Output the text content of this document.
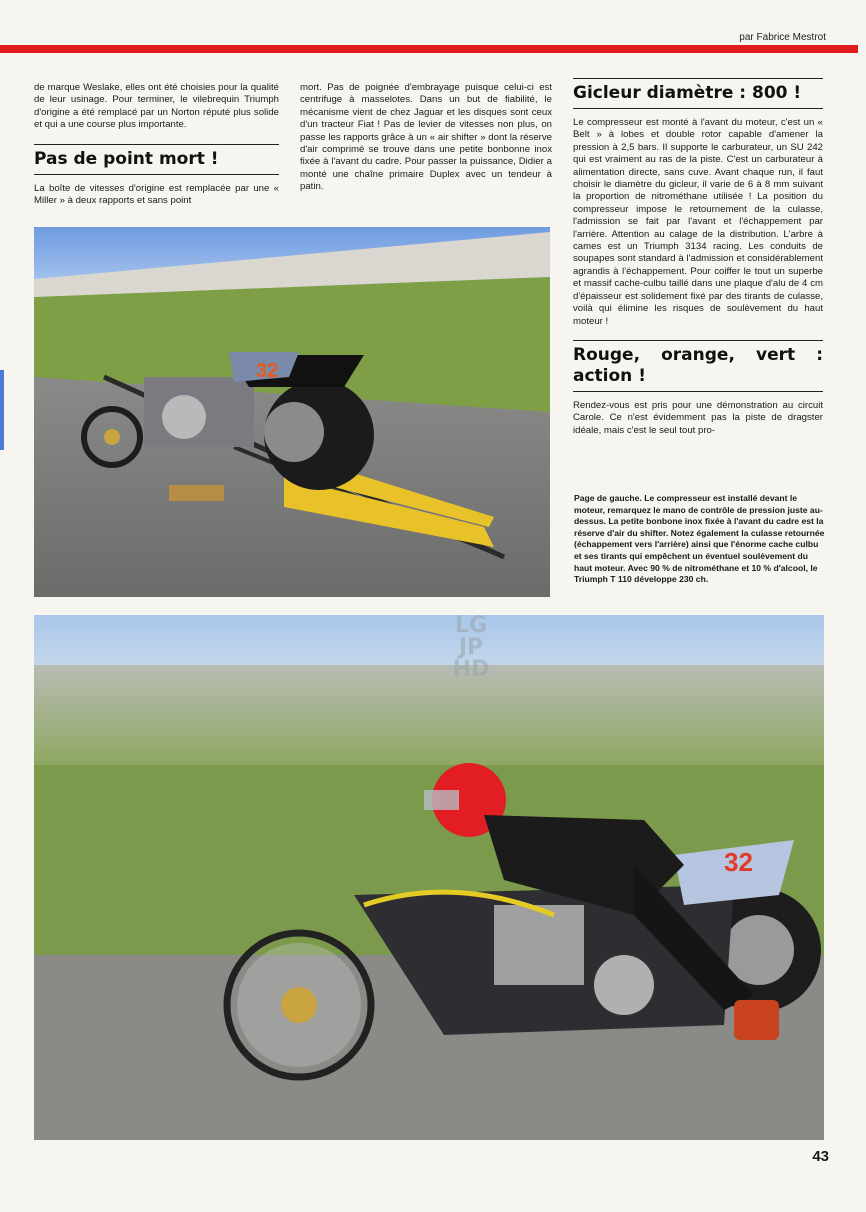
par Fabrice Mestrot

de marque Weslake, elles ont été choisies pour la qualité de leur usinage. Pour terminer, le vilebrequin Triumph d'origine a été remplacé par un Norton réputé plus solide et qui a une course plus importante.

Pas de point mort !

La boîte de vitesses d'origine est remplacée par une « Miller » à deux rapports et sans point

mort. Pas de poignée d'embrayage puisque celui-ci est centrifuge à masselotes. Dans un but de fiabilité, le mécanisme vient de chez Jaguar et les disques sont ceux d'un tracteur Fiat ! Pas de levier de vitesses non plus, on passe les rapports grâce à un « air shifter » dont la réserve d'air comprimé se trouve dans une petite bonbonne inox fixée à l'avant du cadre. Pour passer la puissance, Didier a monté une chaîne primaire Duplex avec un tendeur à patin.

Gicleur diamètre : 800 !

Le compresseur est monté à l'avant du moteur, c'est un « Belt » à lobes et double rotor capable d'amener la pression à 2,5 bars. Il supporte le carburateur, un SU 242 qui est vraiment au ras de la piste. C'est un carburateur à alimentation directe, sans cuve. Avant chaque run, il faut choisir le diamètre du gicleur, il varie de 6 à 8 mm suivant la proportion de nitrométhane utilisée ! La position du compresseur impose le retournement de la culasse, l'admission se fait par l'avant et l'échappement par l'arrière. Attention au calage de la distribution. L'arbre à cames est un Triumph 3134 racing. Les conduits de soupapes sont standard à l'admission et considérablement agrandis à l'échappement. Pour coiffer le tout un superbe et massif cache-culbu taillé dans une plaque d'alu de 4 cm d'épaisseur est solidement fixé par des tirants de culasse, voilà qui élimine les risques de soulèvement du haut moteur !

Rouge, orange, vert : action !

Rendez-vous est pris pour une démonstration au circuit Carole. Ce n'est évidemment pas la piste de dragster idéale, mais c'est le seul tout pro-

Page de gauche. Le compresseur est installé devant le moteur, remarquez le mano de contrôle de pression juste au-dessus. La petite bonbone inox fixée à l'avant du cadre est la réserve d'air du shifter. Notez également la culasse retournée (échappement vers l'arrière) ainsi que l'énorme cache culbu et ses tirants qui empêchent un éventuel soulèvement du haut moteur. Avec 90 % de nitrométhane et 10 % d'alcool, le Triumph T 110 développe 230 ch.
32
32
LG
JP
HD
43
